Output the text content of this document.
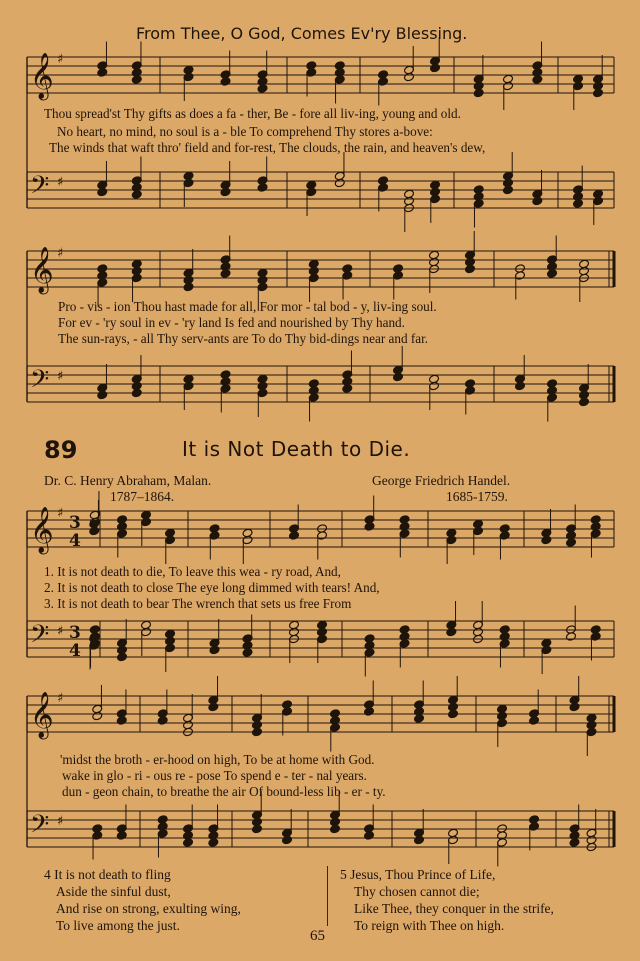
𝄞 ♯
𝄢 ♯
𝄞 ♯
𝄢 ♯
𝄞 ♯ 3
4
𝄢 ♯ 3
4
𝄞 ♯
𝄢 ♯
From Thee, O God, Comes Ev'ry Blessing.
Thou spread'st Thy gifts as does a fa - ther, Be - fore all liv-ing, young and old.
No heart, no mind, no soul is a - ble To comprehend Thy stores a-bove:
The winds that waft thro' field and for-rest, The clouds, the rain, and heaven's dew,
Pro - vis - ion Thou hast made for all, For mor - tal bod - y, liv-ing soul.
For ev - 'ry soul in ev - 'ry land Is fed and nourished by Thy hand.
The sun-rays, - all Thy serv-ants are To do Thy bid-dings near and far.
89	It is Not Death to Die.
Dr. C. Henry Abraham, Malan.
1787–1864.
George Friedrich Handel.
1685-1759.
1. It is not death to die, To leave this wea - ry road, And,
2. It is not death to close The eye long dimmed with tears! And,
3. It is not death to bear The wrench that sets us free From
'midst the broth - er-hood on high, To be at home with God.
wake in glo - ri - ous re - pose To spend e - ter - nal years.
dun - geon chain, to breathe the air Of bound-less lib - er - ty.
4 It is not death to fling
Aside the sinful dust,
And rise on strong, exulting wing,
To live among the just.
5 Jesus, Thou Prince of Life,
Thy chosen cannot die;
Like Thee, they conquer in the strife,
To reign with Thee on high.
65
